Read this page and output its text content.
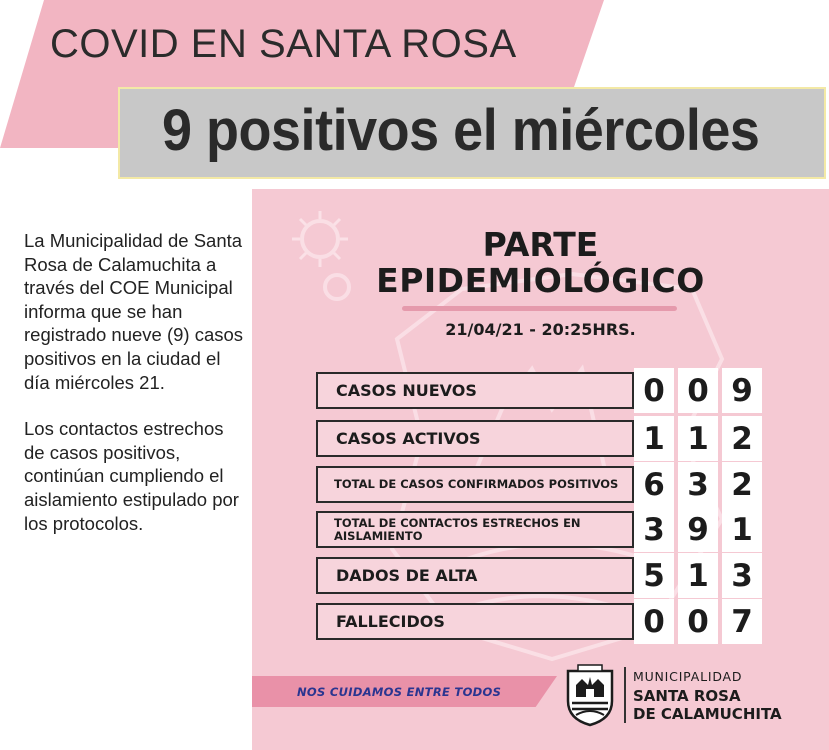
COVID EN SANTA ROSA
9 positivos el miércoles

La Municipalidad de Santa Rosa de Calamuchita a través del COE Municipal informa que se han registrado nueve (9) casos positivos en la ciudad el día miércoles 21.

Los contactos estrechos de casos positivos, continúan cumpliendo el aislamiento estipulado por los protocolos.

PARTE
EPIDEMIOLÓGICO
21/04/21 - 20:25HRS.
CASOS NUEVOS	0 0 9
CASOS ACTIVOS	1 1 2
TOTAL DE CASOS CONFIRMADOS POSITIVOS 6 3 2
TOTAL DE CONTACTOS ESTRECHOS EN AISLAMIENTO	3 9 1
DADOS DE ALTA	5 1 3
FALLECIDOS	0 0 7
NOS CUIDAMOS ENTRE TODOS
MUNICIPALIDAD
SANTA ROSA
DE CALAMUCHITA
